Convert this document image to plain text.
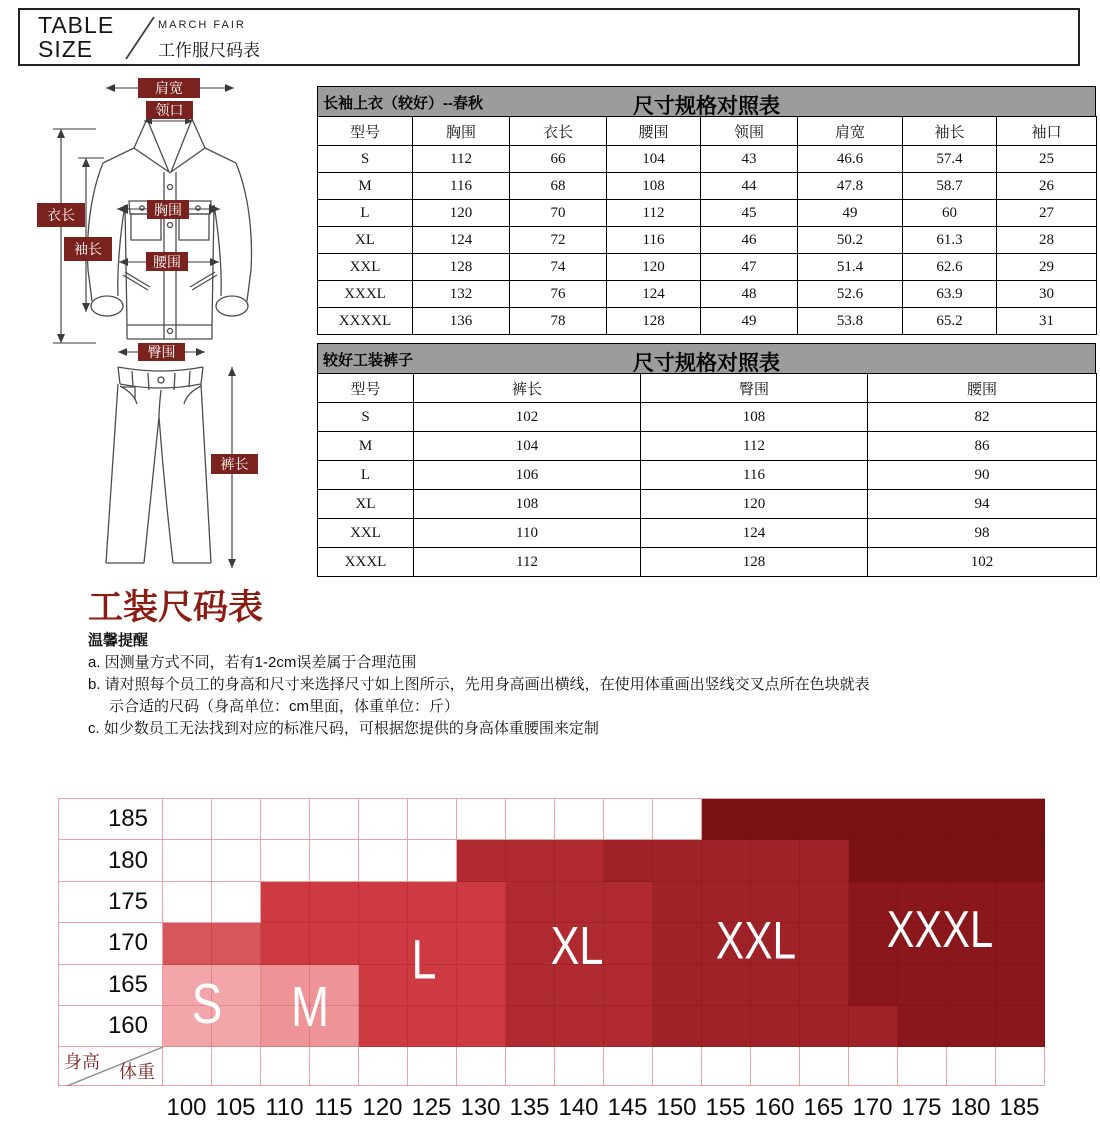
TABLE
SIZE
MARCH FAIR
工作服尺码表
肩宽
领口
衣长
袖长
胸围
腰围
臀围
裤长
长袖上衣（较好）--春秋	尺寸规格对照表
型号	胸围	衣长	腰围	领围	肩宽	袖长	袖口
S	112	66	104	43	46.6	57.4	25
M	116	68	108	44	47.8	58.7	26
L	120	70	112	45	49	60	27
XL	124	72	116	46	50.2	61.3	28
XXL	128	74	120	47	51.4	62.6	29
XXXL	132	76	124	48	52.6	63.9	30
XXXXL	136	78	128	49	53.8	65.2	31
较好工装裤子	尺寸规格对照表
型号	裤长	臀围	腰围
S	102	108	82
M	104	112	86
L	106	116	90
XL	108	120	94
XXL	110	124	98
XXXL	112	128	102
工装尺码表
温馨提醒
a. 因测量方式不同，若有1-2cm误差属于合理范围
b. 请对照每个员工的身高和尺寸来选择尺寸如上图所示，先用身高画出横线，在使用体重画出竖线交叉点所在色块就表
示合适的尺码（身高单位：cm里面，体重单位：斤）
c. 如少数员工无法找到对应的标准尺码，可根据您提供的身高体重腰围来定制
185
180
175
170
165
160
身高 体重
100 105 110 115 120 125 130 135 140 145 150 155 160 165 170 175 180 185
S M
L XL XXL XXXL
